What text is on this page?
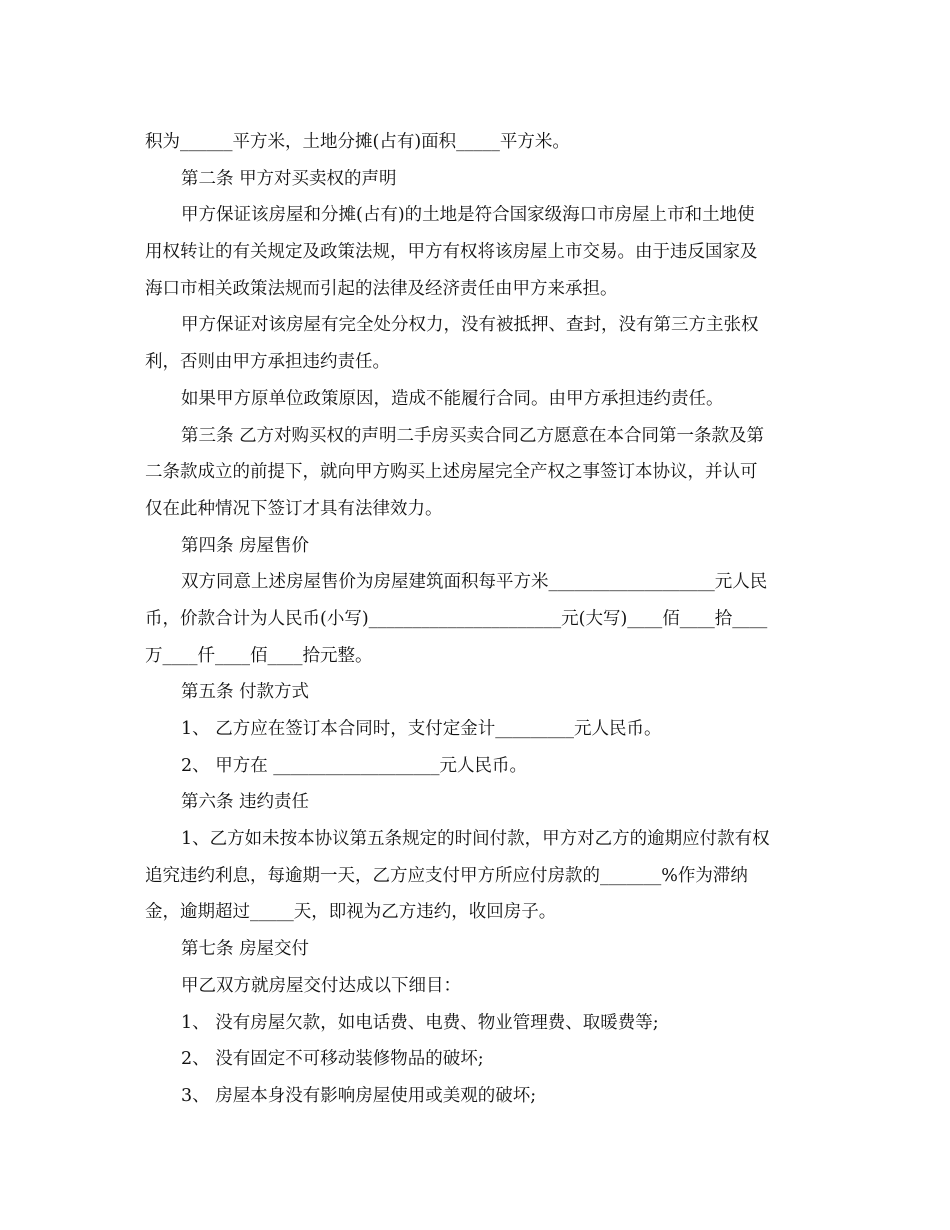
积为______平方米，土地分摊(占有)面积_____平方米。
第二条 甲方对买卖权的声明
甲方保证该房屋和分摊(占有)的土地是符合国家级海口市房屋上市和土地使
用权转让的有关规定及政策法规，甲方有权将该房屋上市交易。由于违反国家及
海口市相关政策法规而引起的法律及经济责任由甲方来承担。
甲方保证对该房屋有完全处分权力，没有被抵押、查封，没有第三方主张权
利，否则由甲方承担违约责任。
如果甲方原单位政策原因，造成不能履行合同。由甲方承担违约责任。
第三条 乙方对购买权的声明二手房买卖合同乙方愿意在本合同第一条款及第
二条款成立的前提下，就向甲方购买上述房屋完全产权之事签订本协议，并认可
仅在此种情况下签订才具有法律效力。
第四条 房屋售价
双方同意上述房屋售价为房屋建筑面积每平方米___________________元人民
币，价款合计为人民币(小写)______________________元(大写)____佰____拾____
万____仟____佰____拾元整。
第五条 付款方式
1、 乙方应在签订本合同时，支付定金计_________元人民币。
2、 甲方在 ___________________元人民币。
第六条 违约责任
1、乙方如未按本协议第五条规定的时间付款，甲方对乙方的逾期应付款有权
追究违约利息，每逾期一天，乙方应支付甲方所应付房款的_______%作为滞纳
金，逾期超过_____天，即视为乙方违约，收回房子。
第七条 房屋交付
甲乙双方就房屋交付达成以下细目：
1、 没有房屋欠款，如电话费、电费、物业管理费、取暖费等;
2、 没有固定不可移动装修物品的破坏;
3、 房屋本身没有影响房屋使用或美观的破坏;
